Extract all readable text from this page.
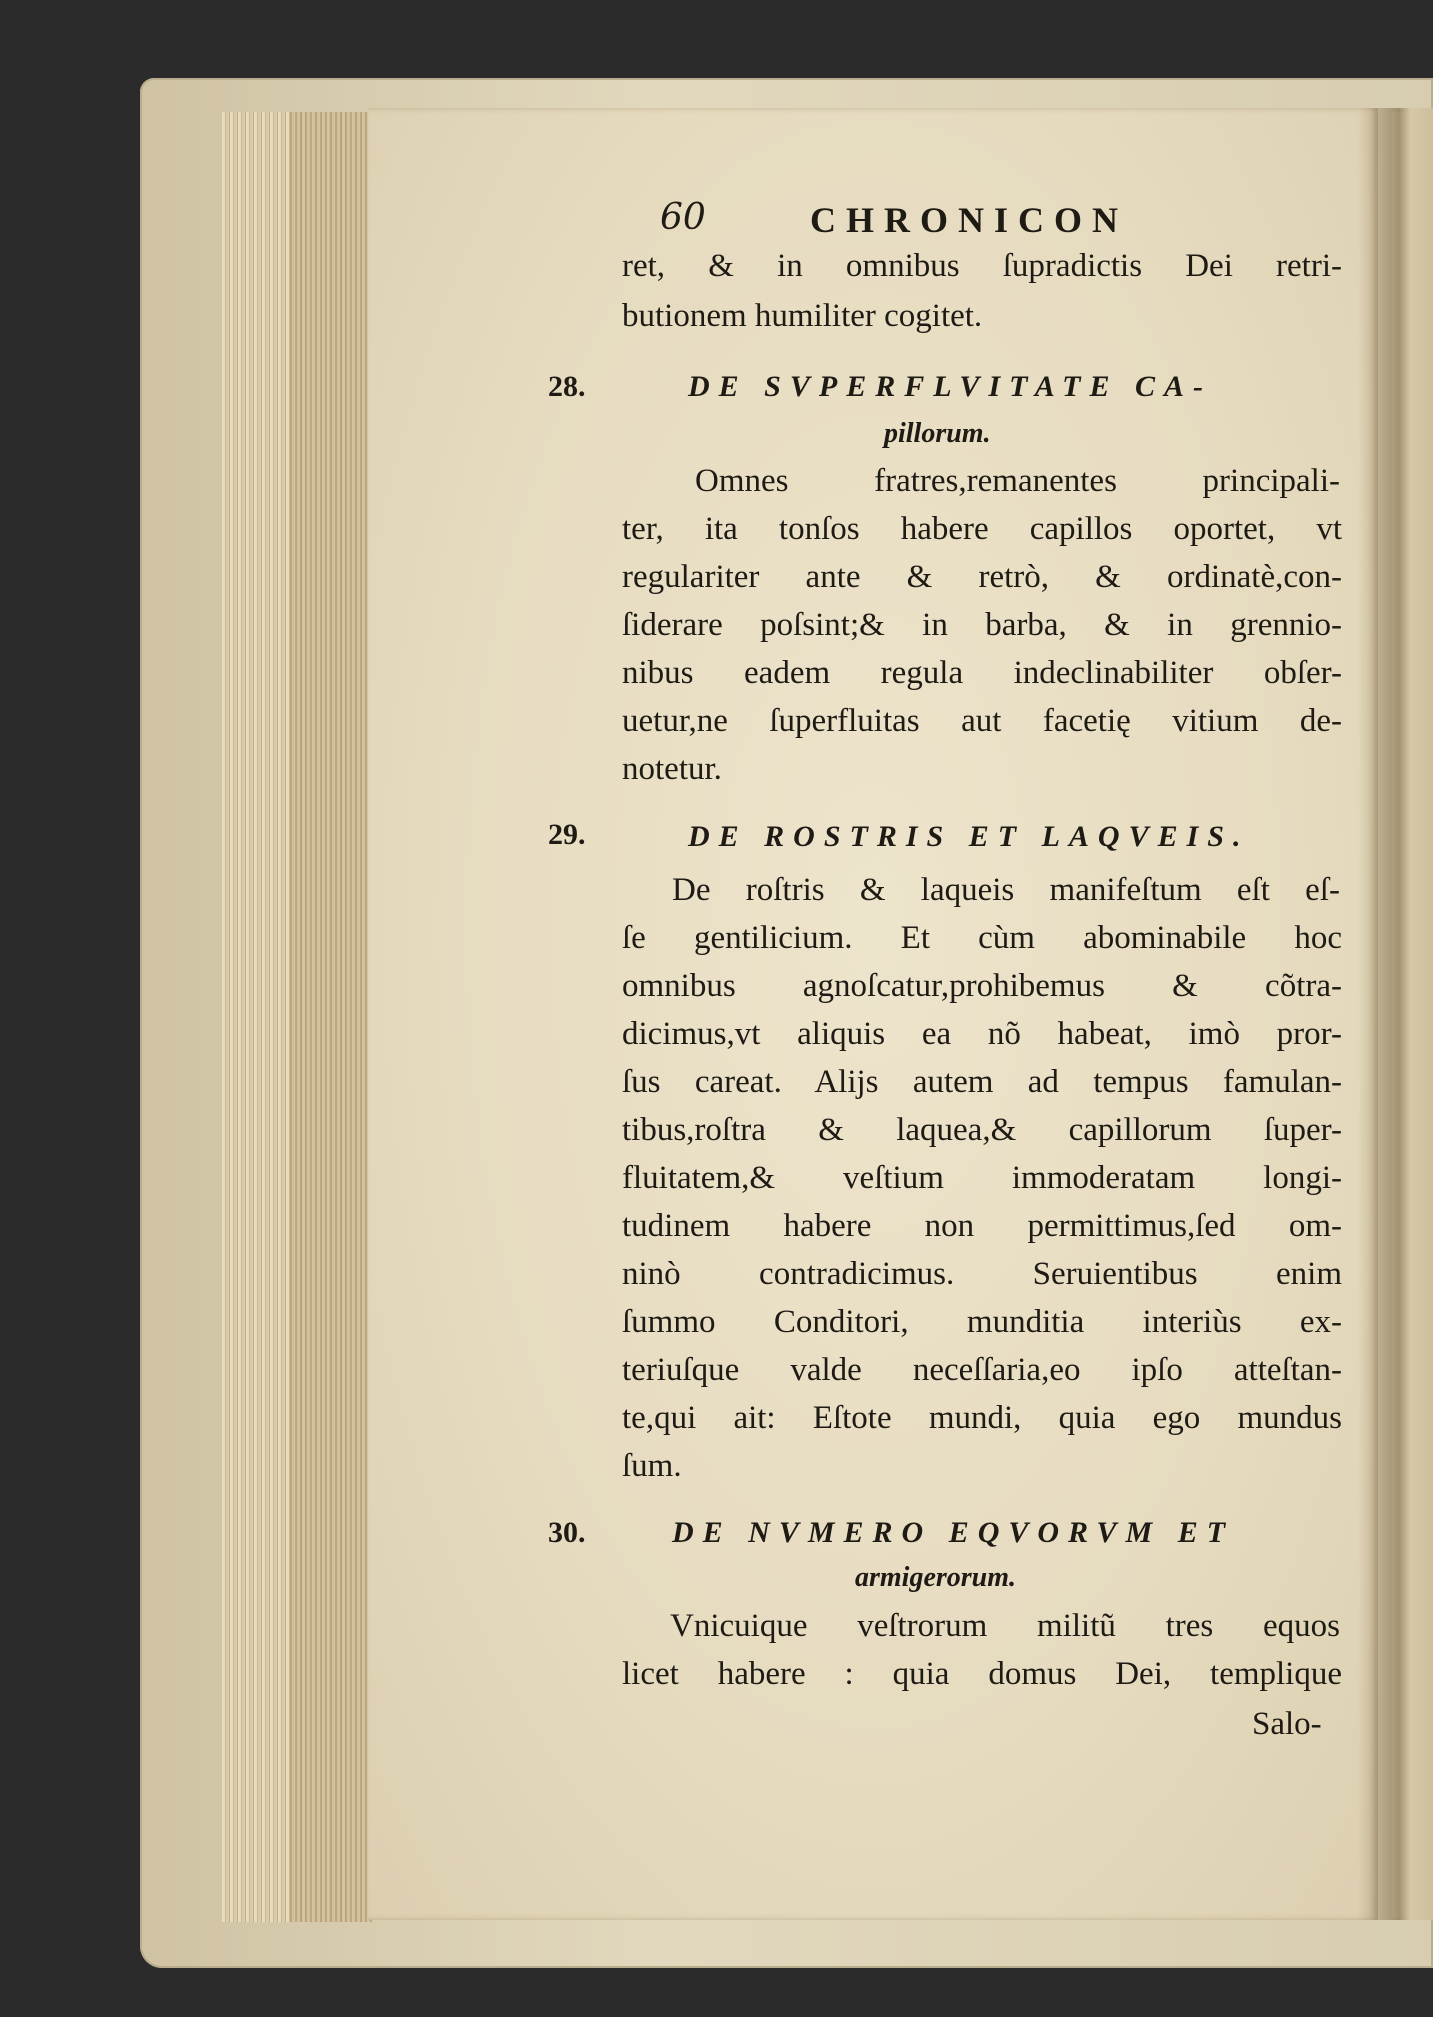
60	CHRONICON
ret, & in omnibus ſupradictis Dei retri-
butionem humiliter cogitet.
28.	DE SVPERFLVITATE CA-
pillorum.
Omnes fratres,remanentes principali-
ter, ita tonſos habere capillos oportet, vt
regulariter ante & retrò, & ordinatè,con-
ſiderare poſsint;& in barba, & in grennio-
nibus eadem regula indeclinabiliter obſer-
uetur,ne ſuperfluitas aut facetię vitium de-
notetur.
29.	DE ROSTRIS ET LAQVEIS.
De roſtris & laqueis manifeſtum eſt eſ-
ſe gentilicium. Et cùm abominabile hoc
omnibus agnoſcatur,prohibemus & cõtra-
dicimus,vt aliquis ea nõ habeat, imò pror-
ſus careat. Alijs autem ad tempus famulan-
tibus,roſtra & laquea,& capillorum ſuper-
fluitatem,& veſtium immoderatam longi-
tudinem habere non permittimus,ſed om-
ninò contradicimus. Seruientibus enim
ſummo Conditori, munditia interiùs ex-
teriuſque valde neceſſaria,eo ipſo atteſtan-
te,qui ait: Eſtote mundi, quia ego mundus
ſum.
30.	DE NVMERO EQVORVM ET
armigerorum.
Vnicuique veſtrorum militũ tres equos
licet habere : quia domus Dei, templique
Salo-
